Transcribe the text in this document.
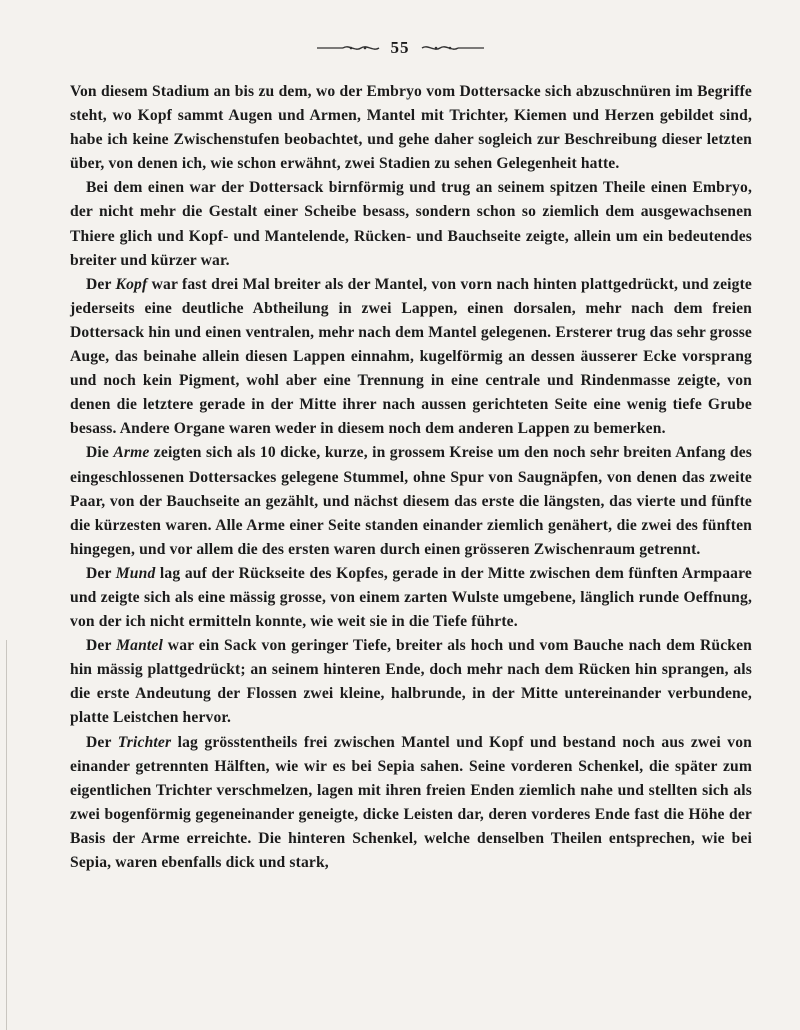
55

Von diesem Stadium an bis zu dem, wo der Embryo vom Dottersacke sich abzuschnüren im Begriffe steht, wo Kopf sammt Augen und Armen, Mantel mit Trichter, Kiemen und Herzen gebildet sind, habe ich keine Zwischenstufen beobachtet, und gehe daher sogleich zur Beschreibung dieser letzten über, von denen ich, wie schon erwähnt, zwei Stadien zu sehen Gelegenheit hatte.

Bei dem einen war der Dottersack birnförmig und trug an seinem spitzen Theile einen Embryo, der nicht mehr die Gestalt einer Scheibe besass, sondern schon so ziemlich dem ausgewachsenen Thiere glich und Kopf- und Mantelende, Rücken- und Bauchseite zeigte, allein um ein bedeutendes breiter und kürzer war.

Der Kopf war fast drei Mal breiter als der Mantel, von vorn nach hinten plattgedrückt, und zeigte jederseits eine deutliche Abtheilung in zwei Lappen, einen dorsalen, mehr nach dem freien Dottersack hin und einen ventralen, mehr nach dem Mantel gelegenen. Ersterer trug das sehr grosse Auge, das beinahe allein diesen Lappen einnahm, kugelförmig an dessen äusserer Ecke vorsprang und noch kein Pigment, wohl aber eine Trennung in eine centrale und Rindenmasse zeigte, von denen die letztere gerade in der Mitte ihrer nach aussen gerichteten Seite eine wenig tiefe Grube besass. Andere Organe waren weder in diesem noch dem anderen Lappen zu bemerken.

Die Arme zeigten sich als 10 dicke, kurze, in grossem Kreise um den noch sehr breiten Anfang des eingeschlossenen Dottersackes gelegene Stummel, ohne Spur von Saugnäpfen, von denen das zweite Paar, von der Bauchseite an gezählt, und nächst diesem das erste die längsten, das vierte und fünfte die kürzesten waren. Alle Arme einer Seite standen einander ziemlich genähert, die zwei des fünften hingegen, und vor allem die des ersten waren durch einen grösseren Zwischenraum getrennt.

Der Mund lag auf der Rückseite des Kopfes, gerade in der Mitte zwischen dem fünften Armpaare und zeigte sich als eine mässig grosse, von einem zarten Wulste umgebene, länglich runde Oeffnung, von der ich nicht ermitteln konnte, wie weit sie in die Tiefe führte.

Der Mantel war ein Sack von geringer Tiefe, breiter als hoch und vom Bauche nach dem Rücken hin mässig plattgedrückt; an seinem hinteren Ende, doch mehr nach dem Rücken hin sprangen, als die erste Andeutung der Flossen zwei kleine, halbrunde, in der Mitte untereinander verbundene, platte Leistchen hervor.

Der Trichter lag grösstentheils frei zwischen Mantel und Kopf und bestand noch aus zwei von einander getrennten Hälften, wie wir es bei Sepia sahen. Seine vorderen Schenkel, die später zum eigentlichen Trichter verschmelzen, lagen mit ihren freien Enden ziemlich nahe und stellten sich als zwei bogenförmig gegeneinander geneigte, dicke Leisten dar, deren vorderes Ende fast die Höhe der Basis der Arme erreichte. Die hinteren Schenkel, welche denselben Theilen entsprechen, wie bei Sepia, waren ebenfalls dick und stark,
